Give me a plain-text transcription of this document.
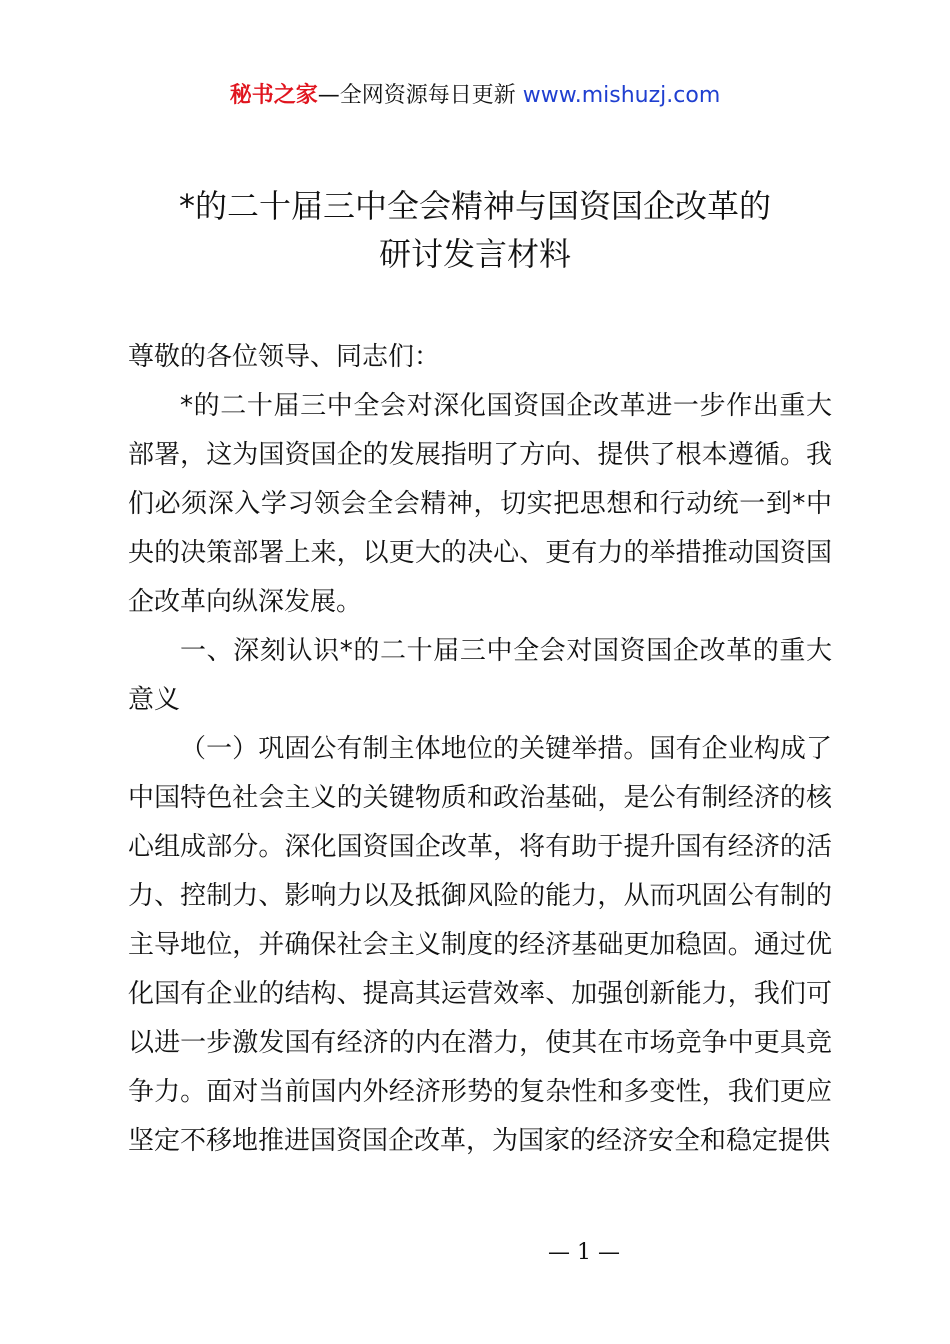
秘书之家—全网资源每日更新 www.mishuzj.com
*的二十届三中全会精神与国资国企改革的
研讨发言材料

尊敬的各位领导、同志们：

*的二十届三中全会对深化国资国企改革进一步作出重大部署，这为国资国企的发展指明了方向、提供了根本遵循。我们必须深入学习领会全会精神，切实把思想和行动统一到*中央的决策部署上来，以更大的决心、更有力的举措推动国资国企改革向纵深发展。

一、深刻认识*的二十届三中全会对国资国企改革的重大意义

（一）巩固公有制主体地位的关键举措。国有企业构成了中国特色社会主义的关键物质和政治基础，是公有制经济的核心组成部分。深化国资国企改革，将有助于提升国有经济的活力、控制力、影响力以及抵御风险的能力，从而巩固公有制的主导地位，并确保社会主义制度的经济基础更加稳固。通过优化国有企业的结构、提高其运营效率、加强创新能力，我们可以进一步激发国有经济的内在潜力，使其在市场竞争中更具竞争力。面对当前国内外经济形势的复杂性和多变性，我们更应坚定不移地推进国资国企改革，为国家的经济安全和稳定提供

— 1 —
